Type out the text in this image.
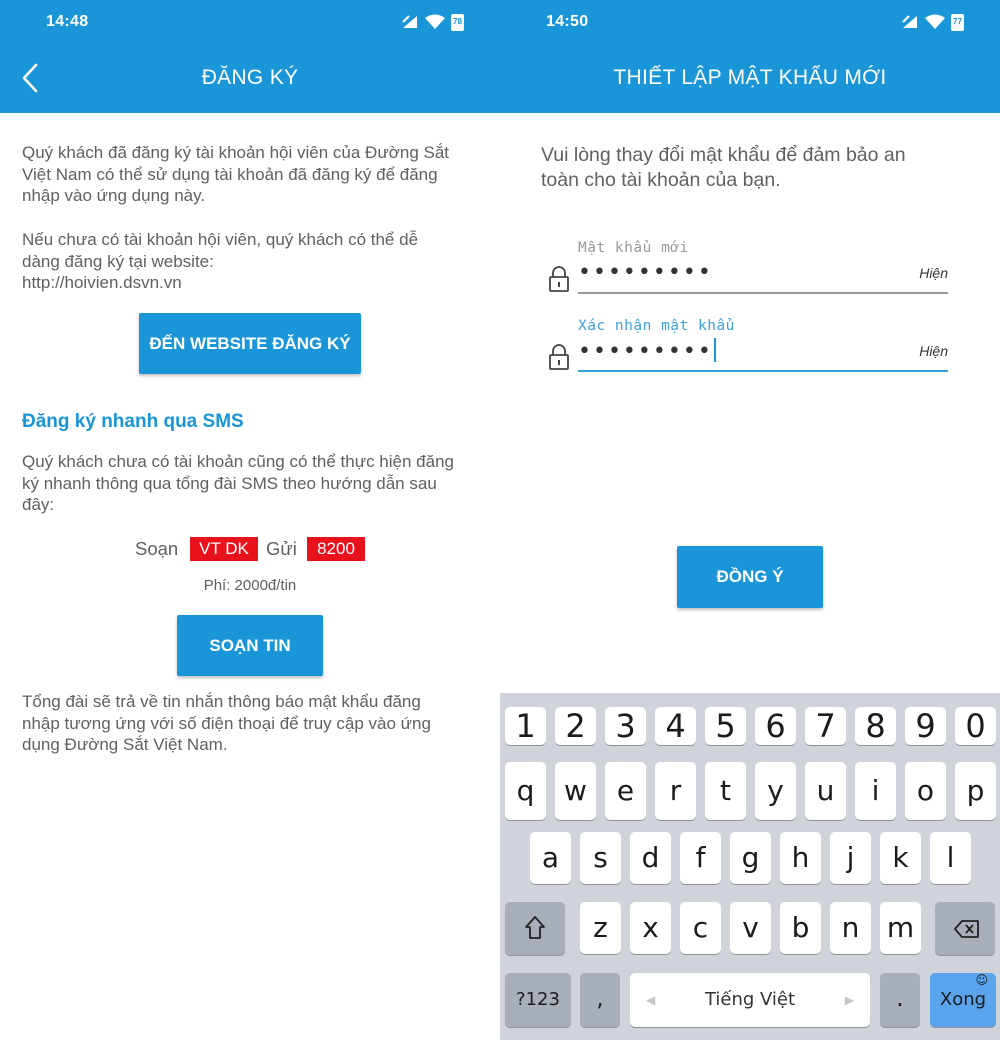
14:48	78
ĐĂNG KÝ
Quý khách đã đăng ký tài khoản hội viên của Đường Sắt
Việt Nam có thể sử dụng tài khoản đã đăng ký để đăng
nhập vào ứng dụng này.
Nếu chưa có tài khoản hội viên, quý khách có thể dễ
dàng đăng ký tại website:
http://hoivien.dsvn.vn
ĐẾN WEBSITE ĐĂNG KÝ
Đăng ký nhanh qua SMS
Quý khách chưa có tài khoản cũng có thể thực hiện đăng
ký nhanh thông qua tổng đài SMS theo hướng dẫn sau
đây:
Soạn	VT DK Gửi	8200
Phí: 2000đ/tin
SOẠN TIN
Tổng đài sẽ trả về tin nhắn thông báo mật khẩu đăng
nhập tương ứng với số điện thoại để truy cập vào ứng
dụng Đường Sắt Việt Nam.
14:50	77
THIẾT LẬP MẬT KHẨU MỚI
Vui lòng thay đổi mật khẩu để đảm bảo an
toàn cho tài khoản của bạn.
Mật khẩu mới
•••••••••	Hiện
Xác nhận mật khẩu
•••••••••	Hiện
ĐỒNG Ý
1 2 3 4 5 6 7 8 9 0
q	w	e	r	t	y	u	i	o	p
a	s	d	f	g	h	j	k	l
z	x	c	v	b	n m
?123	,	◀	Tiếng Việt	▶	.	Xong
☺
